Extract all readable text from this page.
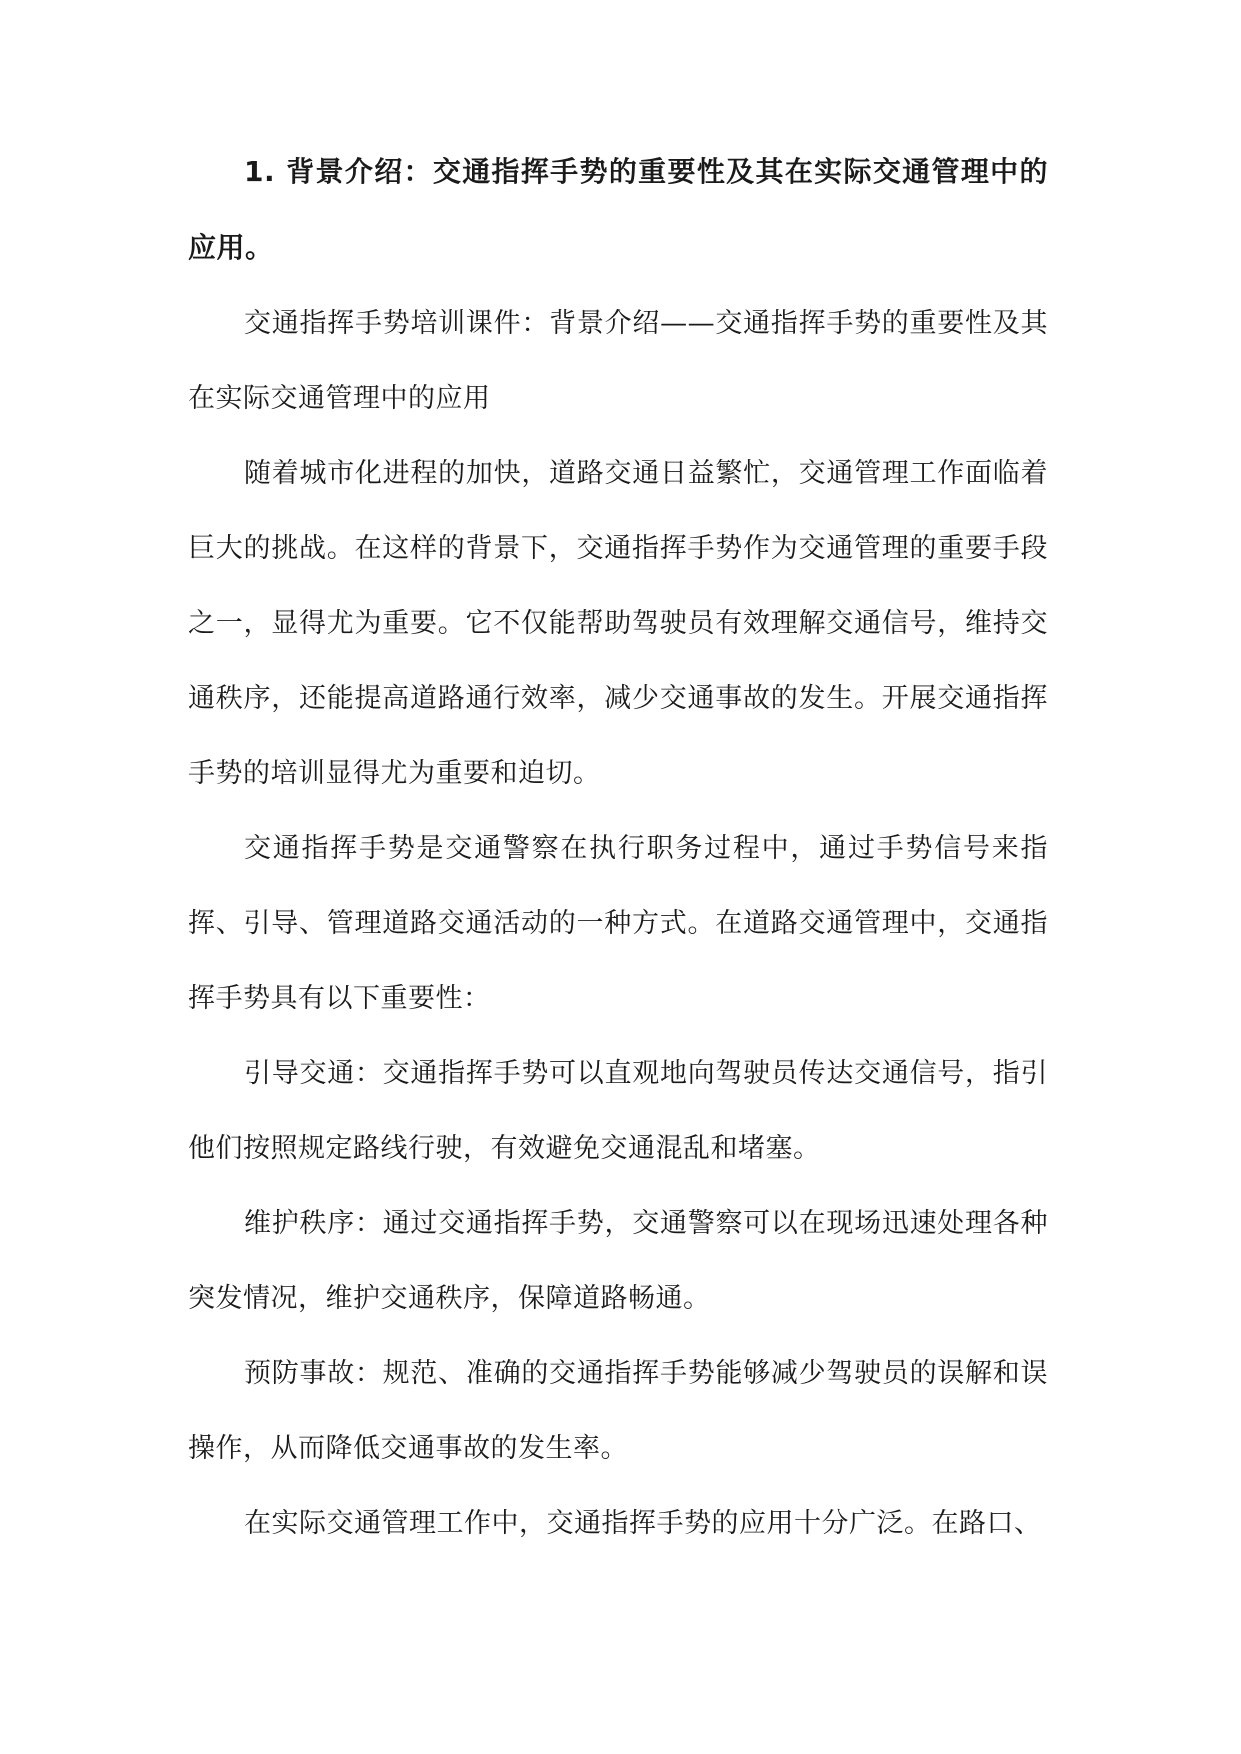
1. 背景介绍：交通指挥手势的重要性及其在实际交通管理中的应用。

交通指挥手势培训课件：背景介绍——交通指挥手势的重要性及其在实际交通管理中的应用

随着城市化进程的加快，道路交通日益繁忙，交通管理工作面临着巨大的挑战。在这样的背景下，交通指挥手势作为交通管理的重要手段之一，显得尤为重要。它不仅能帮助驾驶员有效理解交通信号，维持交通秩序，还能提高道路通行效率，减少交通事故的发生。开展交通指挥手势的培训显得尤为重要和迫切。

交通指挥手势是交通警察在执行职务过程中，通过手势信号来指挥、引导、管理道路交通活动的一种方式。在道路交通管理中，交通指挥手势具有以下重要性：

引导交通：交通指挥手势可以直观地向驾驶员传达交通信号，指引他们按照规定路线行驶，有效避免交通混乱和堵塞。

维护秩序：通过交通指挥手势，交通警察可以在现场迅速处理各种突发情况，维护交通秩序，保障道路畅通。

预防事故：规范、准确的交通指挥手势能够减少驾驶员的误解和误操作，从而降低交通事故的发生率。

在实际交通管理工作中，交通指挥手势的应用十分广泛。在路口、
